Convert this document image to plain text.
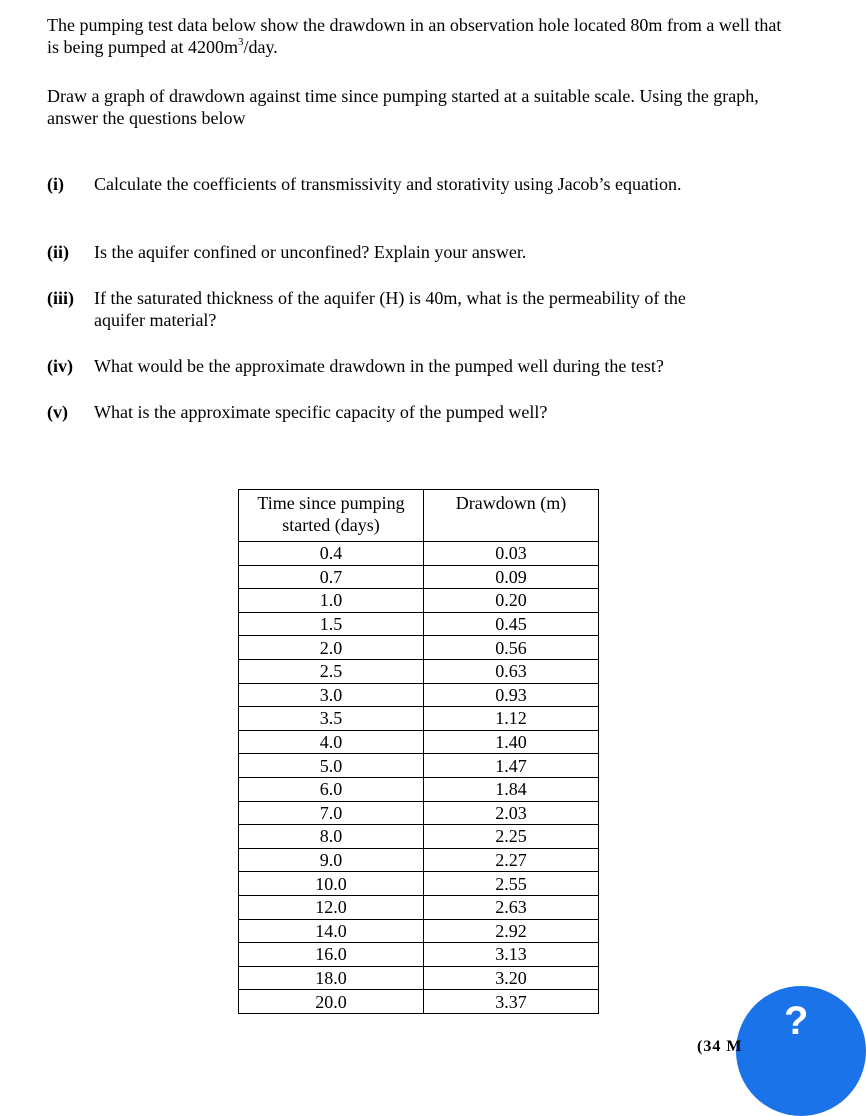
The pumping test data below show the drawdown in an observation hole located 80m from a well that is being pumped at $4200m^3$/day.

Draw a graph of drawdown against time since pumping started at a suitable scale. Using the graph, answer the questions below

(i) Calculate the coefficients of transmissivity and storativity using Jacob’s equation.
(ii) Is the aquifer confined or unconfined? Explain your answer.
(iii) If the saturated thickness of the aquifer (H) is 40m, what is the permeability of the aquifer material?
(iv) What would be the approximate drawdown in the pumped well during the test?
(v) What is the approximate specific capacity of the pumped well?
Time since pumping started (days)	Drawdown (m)
0.4	0.03
0.7	0.09
1.0	0.20
1.5	0.45
2.0	0.56
2.5	0.63
3.0	0.93
3.5	1.12
4.0	1.40
5.0	1.47
6.0	1.84
7.0	2.03
8.0	2.25
9.0	2.27
10.0	2.55
12.0	2.63
14.0	2.92
16.0	3.13
18.0	3.20
20.0	3.37	?
(34 M
